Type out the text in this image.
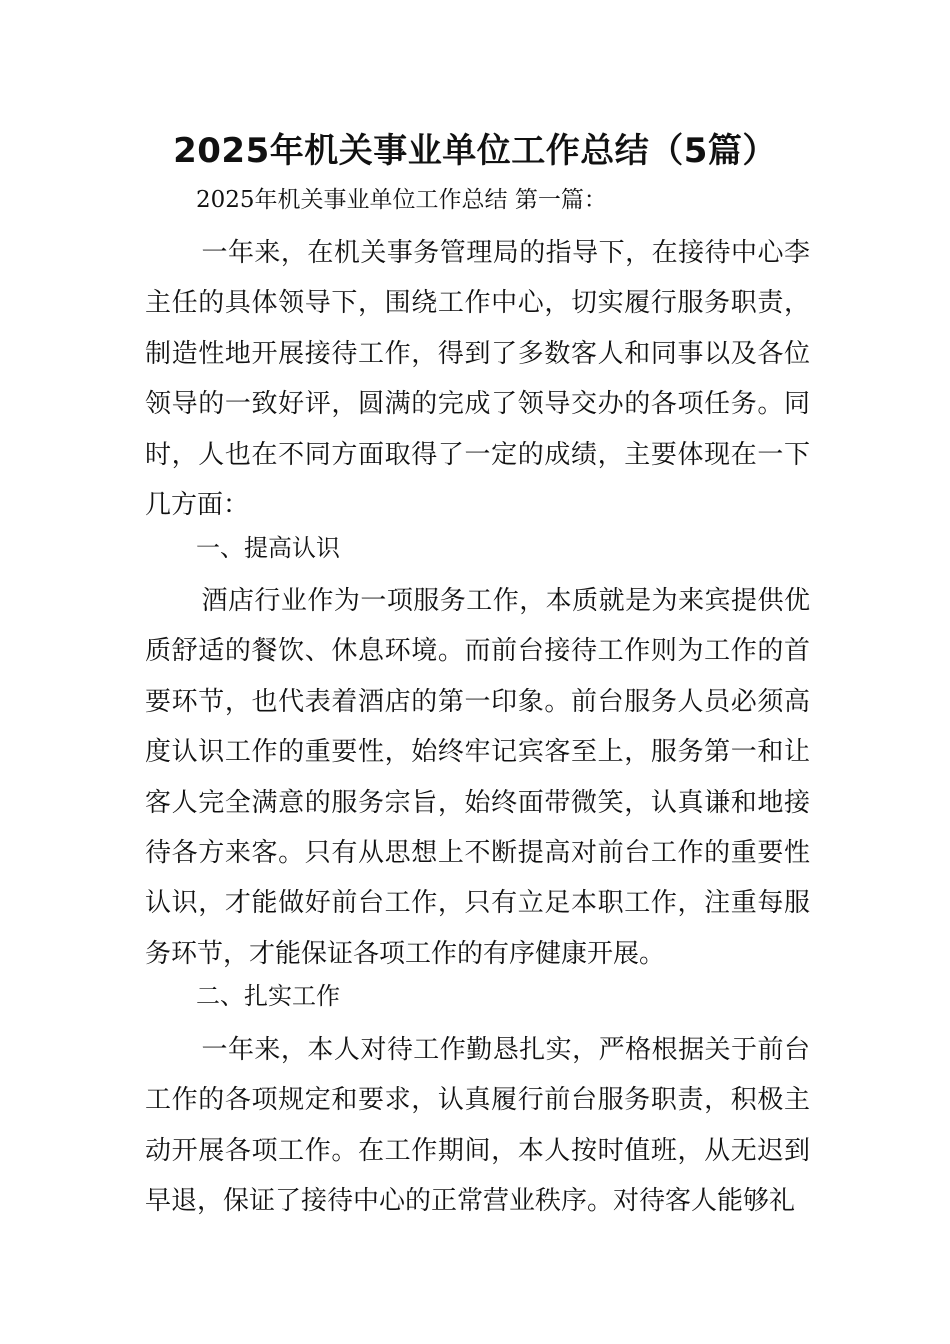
2025年机关事业单位工作总结（5篇）

2025年机关事业单位工作总结 第一篇：

一年来，在机关事务管理局的指导下，在接待中心李主任的具体领导下，围绕工作中心，切实履行服务职责，制造性地开展接待工作，得到了多数客人和同事以及各位领导的一致好评，圆满的完成了领导交办的各项任务。同时，人也在不同方面取得了一定的成绩，主要体现在一下几方面：

一、提高认识

酒店行业作为一项服务工作，本质就是为来宾提供优质舒适的餐饮、休息环境。而前台接待工作则为工作的首要环节，也代表着酒店的第一印象。前台服务人员必须高度认识工作的重要性，始终牢记宾客至上，服务第一和让客人完全满意的服务宗旨，始终面带微笑，认真谦和地接待各方来客。只有从思想上不断提高对前台工作的重要性认识，才能做好前台工作，只有立足本职工作，注重每服务环节，才能保证各项工作的有序健康开展。

二、扎实工作

一年来，本人对待工作勤恳扎实，严格根据关于前台工作的各项规定和要求，认真履行前台服务职责，积极主动开展各项工作。在工作期间，本人按时值班，从无迟到早退，保证了接待中心的正常营业秩序。对待客人能够礼
